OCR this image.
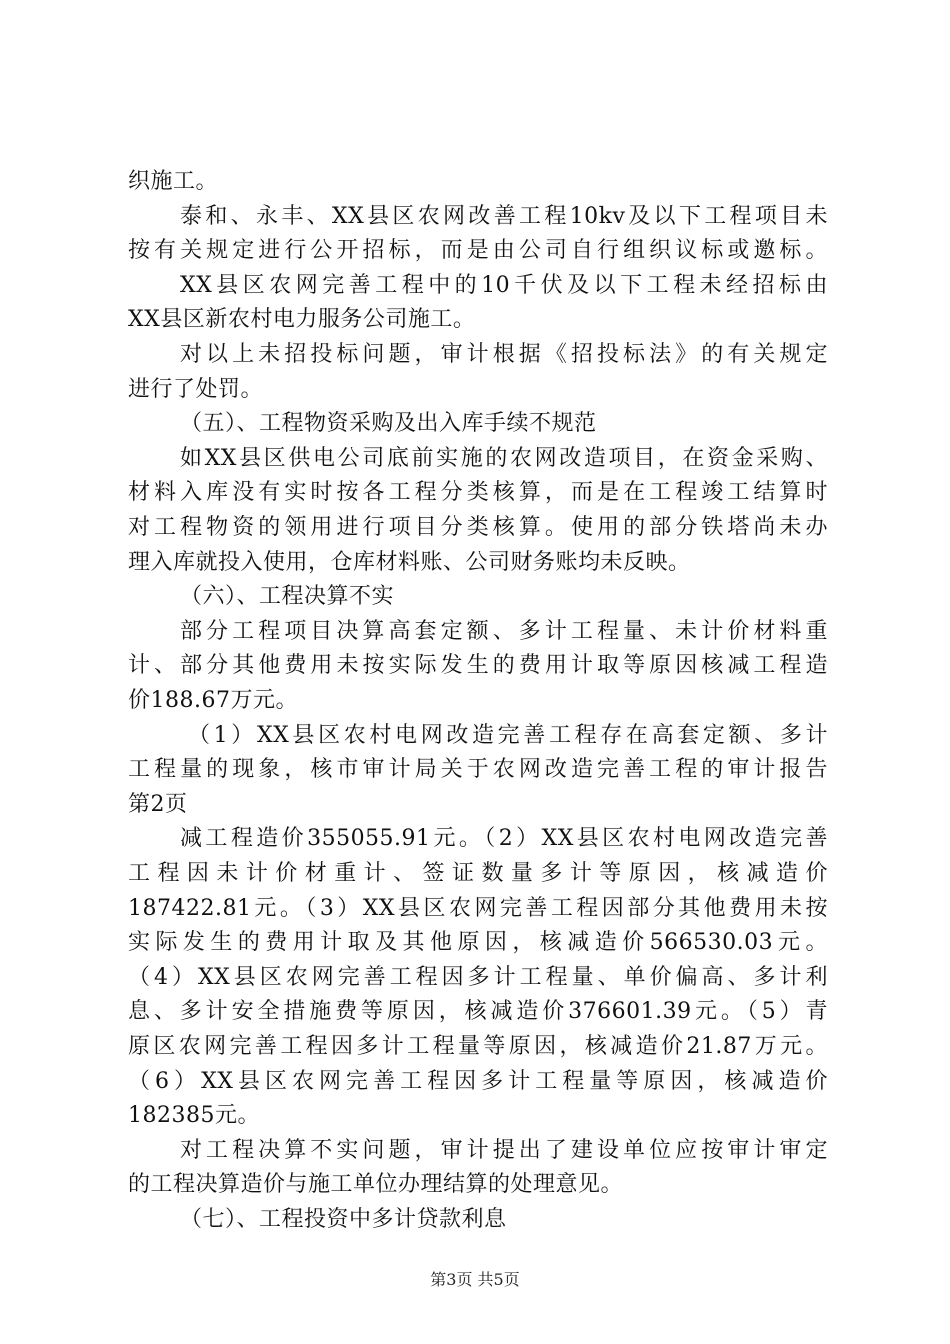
织施工。
泰和、永丰、XX县区农网改善工程10kv及以下工程项目未
按有关规定进行公开招标，而是由公司自行组织议标或邀标。
XX县区农网完善工程中的10千伏及以下工程未经招标由
XX县区新农村电力服务公司施工。
对以上未招投标问题，审计根据《招投标法》的有关规定
进行了处罚。
（五）、工程物资采购及出入库手续不规范
如XX县区供电公司底前实施的农网改造项目，在资金采购、
材料入库没有实时按各工程分类核算，而是在工程竣工结算时
对工程物资的领用进行项目分类核算。使用的部分铁塔尚未办
理入库就投入使用，仓库材料账、公司财务账均未反映。
（六）、工程决算不实
部分工程项目决算高套定额、多计工程量、未计价材料重
计、部分其他费用未按实际发生的费用计取等原因核减工程造
价188.67万元。
（1）XX县区农村电网改造完善工程存在高套定额、多计
工程量的现象，核市审计局关于农网改造完善工程的审计报告
第2页
减工程造价355055.91元。（2）XX县区农村电网改造完善
工程因未计价材重计、签证数量多计等原因，核减造价
187422.81元。（3）XX县区农网完善工程因部分其他费用未按
实际发生的费用计取及其他原因，核减造价566530.03元。
（4）XX县区农网完善工程因多计工程量、单价偏高、多计利
息、多计安全措施费等原因，核减造价376601.39元。（5）青
原区农网完善工程因多计工程量等原因，核减造价21.87万元。
（6）XX县区农网完善工程因多计工程量等原因，核减造价
182385元。
对工程决算不实问题，审计提出了建设单位应按审计审定
的工程决算造价与施工单位办理结算的处理意见。
（七）、工程投资中多计贷款利息
第3页 共5页
